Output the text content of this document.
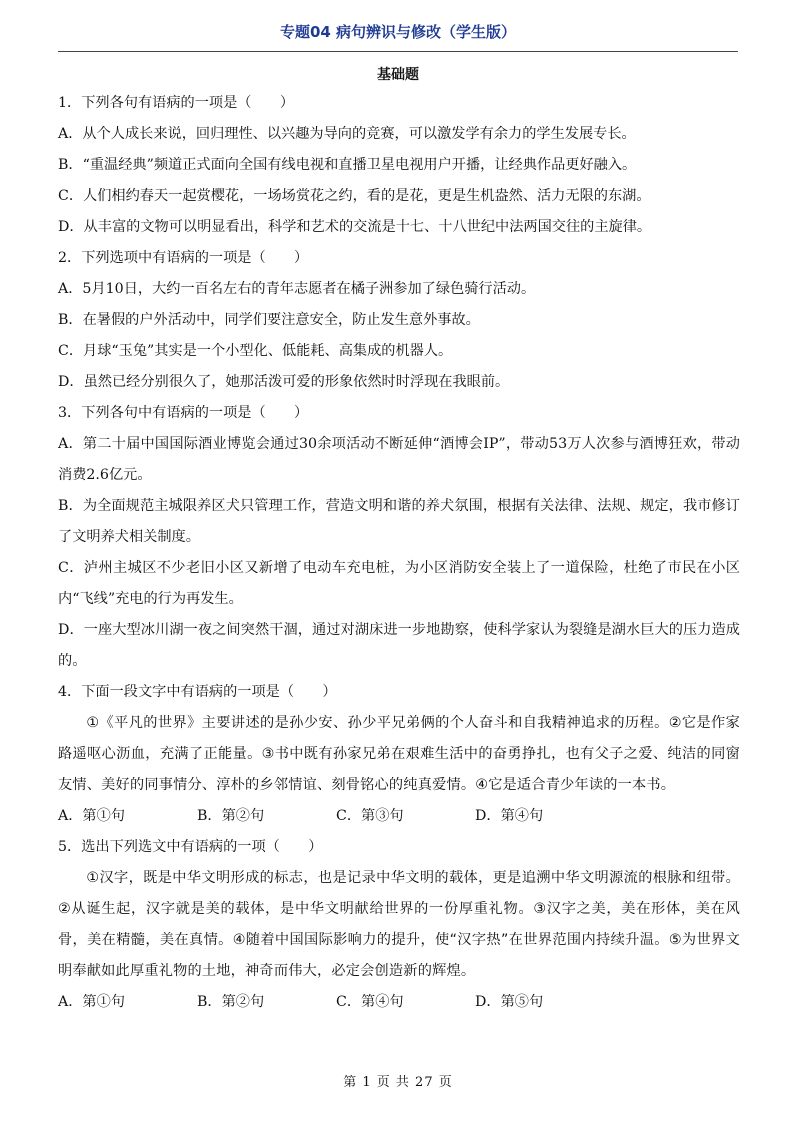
专题04 病句辨识与修改（学生版）
基础题
1．下列各句有语病的一项是（　　）
A．从个人成长来说，回归理性、以兴趣为导向的竞赛，可以激发学有余力的学生发展专长。
B．“重温经典”频道正式面向全国有线电视和直播卫星电视用户开播，让经典作品更好融入。
C．人们相约春天一起赏樱花，一场场赏花之约，看的是花，更是生机盎然、活力无限的东湖。
D．从丰富的文物可以明显看出，科学和艺术的交流是十七、十八世纪中法两国交往的主旋律。
2．下列选项中有语病的一项是（　　）
A．5月10日，大约一百名左右的青年志愿者在橘子洲参加了绿色骑行活动。
B．在暑假的户外活动中，同学们要注意安全，防止发生意外事故。
C．月球“玉兔”其实是一个小型化、低能耗、高集成的机器人。
D．虽然已经分别很久了，她那活泼可爱的形象依然时时浮现在我眼前。
3．下列各句中有语病的一项是（　　）
A．第二十届中国国际酒业博览会通过30余项活动不断延伸“酒博会IP”，带动53万人次参与酒博狂欢，带动消费2.6亿元。
B．为全面规范主城限养区犬只管理工作，营造文明和谐的养犬氛围，根据有关法律、法规、规定，我市修订了文明养犬相关制度。
C．泸州主城区不少老旧小区又新增了电动车充电桩，为小区消防安全装上了一道保险，杜绝了市民在小区内“飞线”充电的行为再发生。
D．一座大型冰川湖一夜之间突然干涸，通过对湖床进一步地勘察，使科学家认为裂缝是湖水巨大的压力造成的。
4．下面一段文字中有语病的一项是（　　）
①《平凡的世界》主要讲述的是孙少安、孙少平兄弟俩的个人奋斗和自我精神追求的历程。②它是作家路遥呕心沥血，充满了正能量。③书中既有孙家兄弟在艰难生活中的奋勇挣扎，也有父子之爱、纯洁的同窗友情、美好的同事情分、淳朴的乡邻情谊、刻骨铭心的纯真爱情。④它是适合青少年读的一本书。
A．第①句	B．第②句	C．第③句	D．第④句
5．选出下列选文中有语病的一项（　　）
①汉字，既是中华文明形成的标志，也是记录中华文明的载体，更是追溯中华文明源流的根脉和纽带。②从诞生起，汉字就是美的载体，是中华文明献给世界的一份厚重礼物。③汉字之美，美在形体，美在风骨，美在精髓，美在真情。④随着中国国际影响力的提升，使“汉字热”在世界范围内持续升温。⑤为世界文明奉献如此厚重礼物的土地，神奇而伟大，必定会创造新的辉煌。
A．第①句	B．第②句	C．第④句	D．第⑤句
第 1 页 共 27 页
